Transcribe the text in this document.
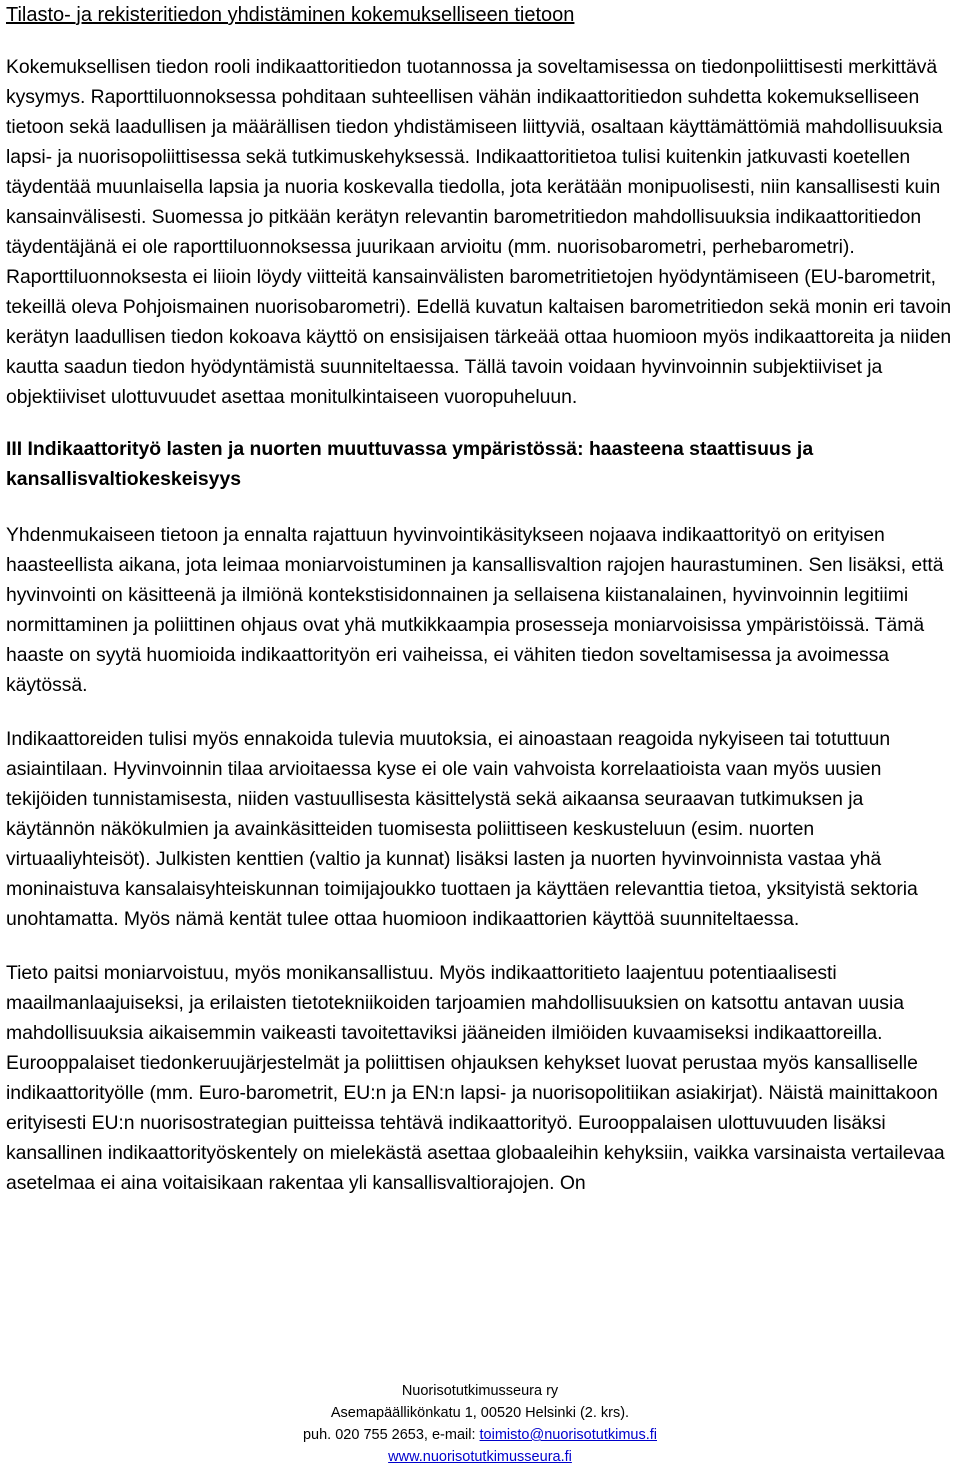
Tilasto- ja rekisteritiedon yhdistäminen kokemukselliseen tietoon

Kokemuksellisen tiedon rooli indikaattoritiedon tuotannossa ja soveltamisessa on tiedonpoliittisesti merkittävä kysymys. Raporttiluonnoksessa pohditaan suhteellisen vähän indikaattoritiedon suhdetta kokemukselliseen tietoon sekä laadullisen ja määrällisen tiedon yhdistämiseen liittyviä, osaltaan käyttämättömiä mahdollisuuksia lapsi- ja nuorisopoliittisessa sekä tutkimuskehyksessä. Indikaattoritietoa tulisi kuitenkin jatkuvasti koetellen täydentää muunlaisella lapsia ja nuoria koskevalla tiedolla, jota kerätään monipuolisesti, niin kansallisesti kuin kansainvälisesti. Suomessa jo pitkään kerätyn relevantin barometritiedon mahdollisuuksia indikaattoritiedon täydentäjänä ei ole raporttiluonnoksessa juurikaan arvioitu (mm. nuorisobarometri, perhebarometri). Raporttiluonnoksesta ei liioin löydy viitteitä kansainvälisten barometritietojen hyödyntämiseen (EU-barometrit, tekeillä oleva Pohjoismainen nuorisobarometri). Edellä kuvatun kaltaisen barometritiedon sekä monin eri tavoin kerätyn laadullisen tiedon kokoava käyttö on ensisijaisen tärkeää ottaa huomioon myös indikaattoreita ja niiden kautta saadun tiedon hyödyntämistä suunniteltaessa. Tällä tavoin voidaan hyvinvoinnin subjektiiviset ja objektiiviset ulottuvuudet asettaa monitulkintaiseen vuoropuheluun.

III Indikaattorityö lasten ja nuorten muuttuvassa ympäristössä: haasteena staattisuus ja kansallisvaltiokeskeisyys

Yhdenmukaiseen tietoon ja ennalta rajattuun hyvinvointikäsitykseen nojaava indikaattorityö on erityisen haasteellista aikana, jota leimaa moniarvoistuminen ja kansallisvaltion rajojen haurastuminen. Sen lisäksi, että hyvinvointi on käsitteenä ja ilmiönä kontekstisidonnainen ja sellaisena kiistanalainen, hyvinvoinnin legitiimi normittaminen ja poliittinen ohjaus ovat yhä mutkikkaampia prosesseja moniarvoisissa ympäristöissä. Tämä haaste on syytä huomioida indikaattorityön eri vaiheissa, ei vähiten tiedon soveltamisessa ja avoimessa käytössä.

Indikaattoreiden tulisi myös ennakoida tulevia muutoksia, ei ainoastaan reagoida nykyiseen tai totuttuun asiaintilaan. Hyvinvoinnin tilaa arvioitaessa kyse ei ole vain vahvoista korrelaatioista vaan myös uusien tekijöiden tunnistamisesta, niiden vastuullisesta käsittelystä sekä aikaansa seuraavan tutkimuksen ja käytännön näkökulmien ja avainkäsitteiden tuomisesta poliittiseen keskusteluun (esim. nuorten virtuaaliyhteisöt). Julkisten kenttien (valtio ja kunnat) lisäksi lasten ja nuorten hyvinvoinnista vastaa yhä moninaistuva kansalaisyhteiskunnan toimijajoukko tuottaen ja käyttäen relevanttia tietoa, yksityistä sektoria unohtamatta. Myös nämä kentät tulee ottaa huomioon indikaattorien käyttöä suunniteltaessa.

Tieto paitsi moniarvoistuu, myös monikansallistuu. Myös indikaattoritieto laajentuu potentiaalisesti maailmanlaajuiseksi, ja erilaisten tietotekniikoiden tarjoamien mahdollisuuksien on katsottu antavan uusia mahdollisuuksia aikaisemmin vaikeasti tavoitettaviksi jääneiden ilmiöiden kuvaamiseksi indikaattoreilla. Eurooppalaiset tiedonkeruujärjestelmät ja poliittisen ohjauksen kehykset luovat perustaa myös kansalliselle indikaattorityölle (mm. Euro-barometrit, EU:n ja EN:n lapsi- ja nuorisopolitiikan asiakirjat). Näistä mainittakoon erityisesti EU:n nuorisostrategian puitteissa tehtävä indikaattorityö. Eurooppalaisen ulottuvuuden lisäksi kansallinen indikaattorityöskentely on mielekästä asettaa globaaleihin kehyksiin, vaikka varsinaista vertailevaa asetelmaa ei aina voitaisikaan rakentaa yli kansallisvaltiorajojen. On

Nuorisotutkimusseura ry
Asemapäällikönkatu 1, 00520 Helsinki (2. krs).
puh. 020 755 2653, e-mail: toimisto@nuorisotutkimus.fi
www.nuorisotutkimusseura.fi
